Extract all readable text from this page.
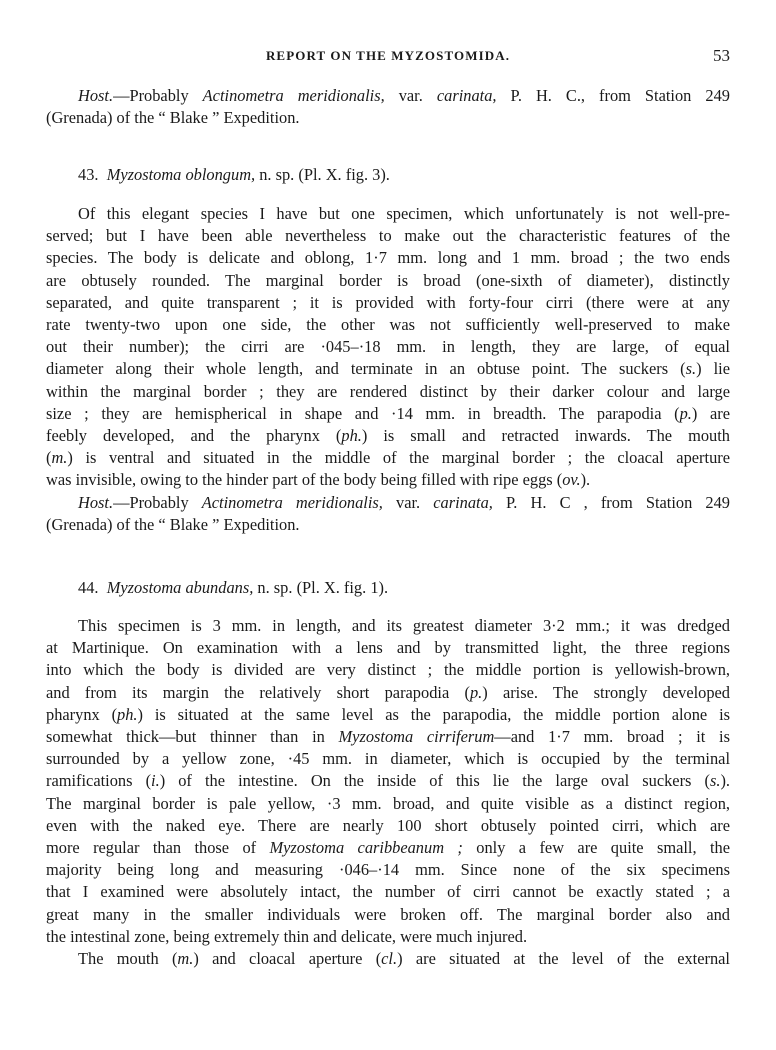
REPORT ON THE MYZOSTOMIDA.	53
Host.—Probably Actinometra meridionalis, var. carinata, P. H. C., from Station 249
(Grenada) of the “ Blake ” Expedition.
43. Myzostoma oblongum, n. sp. (Pl. X. fig. 3).
Of this elegant species I have but one specimen, which unfortunately is not well-pre-
served; but I have been able nevertheless to make out the characteristic features of the
species. The body is delicate and oblong, 1·7 mm. long and 1 mm. broad ; the two ends
are obtusely rounded. The marginal border is broad (one-sixth of diameter), distinctly
separated, and quite transparent ; it is provided with forty-four cirri (there were at any
rate twenty-two upon one side, the other was not sufficiently well-preserved to make
out their number); the cirri are ·045–·18 mm. in length, they are large, of equal
diameter along their whole length, and terminate in an obtuse point. The suckers (s.) lie
within the marginal border ; they are rendered distinct by their darker colour and large
size ; they are hemispherical in shape and ·14 mm. in breadth. The parapodia (p.) are
feebly developed, and the pharynx (ph.) is small and retracted inwards. The mouth
(m.) is ventral and situated in the middle of the marginal border ; the cloacal aperture
was invisible, owing to the hinder part of the body being filled with ripe eggs (ov.).
Host.—Probably Actinometra meridionalis, var. carinata, P. H. C , from Station 249
(Grenada) of the “ Blake ” Expedition.
44. Myzostoma abundans, n. sp. (Pl. X. fig. 1).
This specimen is 3 mm. in length, and its greatest diameter 3·2 mm.; it was dredged
at Martinique. On examination with a lens and by transmitted light, the three regions
into which the body is divided are very distinct ; the middle portion is yellowish-brown,
and from its margin the relatively short parapodia (p.) arise. The strongly developed
pharynx (ph.) is situated at the same level as the parapodia, the middle portion alone is
somewhat thick—but thinner than in Myzostoma cirriferum—and 1·7 mm. broad ; it is
surrounded by a yellow zone, ·45 mm. in diameter, which is occupied by the terminal
ramifications (i.) of the intestine. On the inside of this lie the large oval suckers (s.).
The marginal border is pale yellow, ·3 mm. broad, and quite visible as a distinct region,
even with the naked eye. There are nearly 100 short obtusely pointed cirri, which are
more regular than those of Myzostoma caribbeanum ; only a few are quite small, the
majority being long and measuring ·046–·14 mm. Since none of the six specimens
that I examined were absolutely intact, the number of cirri cannot be exactly stated ; a
great many in the smaller individuals were broken off. The marginal border also and
the intestinal zone, being extremely thin and delicate, were much injured.
The mouth (m.) and cloacal aperture (cl.) are situated at the level of the external
